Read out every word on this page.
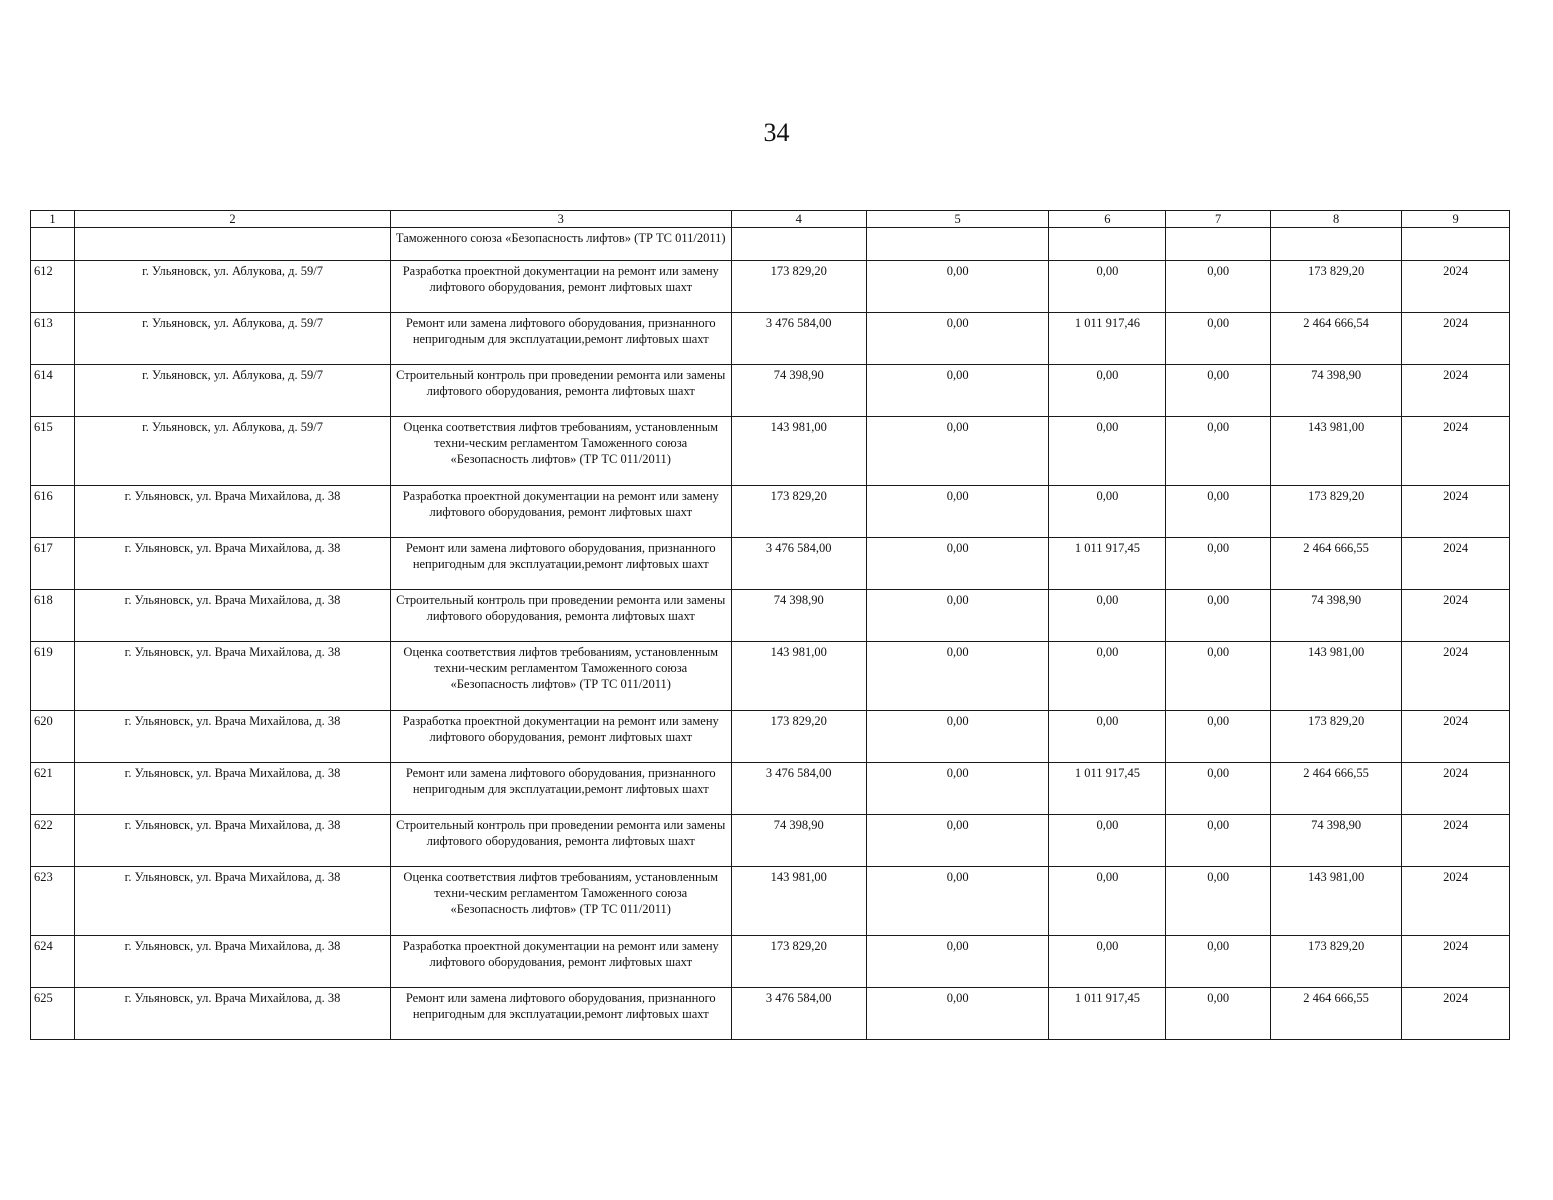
34
1	2	3	4	5	6	7	8	9
		Таможенного союза «Безопасность лифтов» (ТР ТС 011/2011)						
612	г. Ульяновск, ул. Аблукова, д. 59/7	Разработка проектной документации на ремонт или замену лифтового оборудования, ремонт лифтовых шахт	173 829,20	0,00	0,00	0,00	173 829,20	2024
613	г. Ульяновск, ул. Аблукова, д. 59/7	Ремонт или замена лифтового оборудования, признанного непригодным для эксплуатации,ремонт лифтовых шахт	3 476 584,00	0,00	1 011 917,46	0,00	2 464 666,54	2024
614	г. Ульяновск, ул. Аблукова, д. 59/7	Строительный контроль при проведении ремонта или замены лифтового оборудования, ремонта лифтовых шахт	74 398,90	0,00	0,00	0,00	74 398,90	2024
615	г. Ульяновск, ул. Аблукова, д. 59/7	Оценка соответствия лифтов требованиям, установленным техни-ческим регламентом Таможенного союза «Безопасность лифтов» (ТР ТС 011/2011)	143 981,00	0,00	0,00	0,00	143 981,00	2024
616	г. Ульяновск, ул. Врача Михайлова, д. 38	Разработка проектной документации на ремонт или замену лифтового оборудования, ремонт лифтовых шахт	173 829,20	0,00	0,00	0,00	173 829,20	2024
617	г. Ульяновск, ул. Врача Михайлова, д. 38	Ремонт или замена лифтового оборудования, признанного непригодным для эксплуатации,ремонт лифтовых шахт	3 476 584,00	0,00	1 011 917,45	0,00	2 464 666,55	2024
618	г. Ульяновск, ул. Врача Михайлова, д. 38	Строительный контроль при проведении ремонта или замены лифтового оборудования, ремонта лифтовых шахт	74 398,90	0,00	0,00	0,00	74 398,90	2024
619	г. Ульяновск, ул. Врача Михайлова, д. 38	Оценка соответствия лифтов требованиям, установленным техни-ческим регламентом Таможенного союза «Безопасность лифтов» (ТР ТС 011/2011)	143 981,00	0,00	0,00	0,00	143 981,00	2024
620	г. Ульяновск, ул. Врача Михайлова, д. 38	Разработка проектной документации на ремонт или замену лифтового оборудования, ремонт лифтовых шахт	173 829,20	0,00	0,00	0,00	173 829,20	2024
621	г. Ульяновск, ул. Врача Михайлова, д. 38	Ремонт или замена лифтового оборудования, признанного непригодным для эксплуатации,ремонт лифтовых шахт	3 476 584,00	0,00	1 011 917,45	0,00	2 464 666,55	2024
622	г. Ульяновск, ул. Врача Михайлова, д. 38	Строительный контроль при проведении ремонта или замены лифтового оборудования, ремонта лифтовых шахт	74 398,90	0,00	0,00	0,00	74 398,90	2024
623	г. Ульяновск, ул. Врача Михайлова, д. 38	Оценка соответствия лифтов требованиям, установленным техни-ческим регламентом Таможенного союза «Безопасность лифтов» (ТР ТС 011/2011)	143 981,00	0,00	0,00	0,00	143 981,00	2024
624	г. Ульяновск, ул. Врача Михайлова, д. 38	Разработка проектной документации на ремонт или замену лифтового оборудования, ремонт лифтовых шахт	173 829,20	0,00	0,00	0,00	173 829,20	2024
625	г. Ульяновск, ул. Врача Михайлова, д. 38	Ремонт или замена лифтового оборудования, признанного непригодным для эксплуатации,ремонт лифтовых шахт	3 476 584,00	0,00	1 011 917,45	0,00	2 464 666,55	2024
